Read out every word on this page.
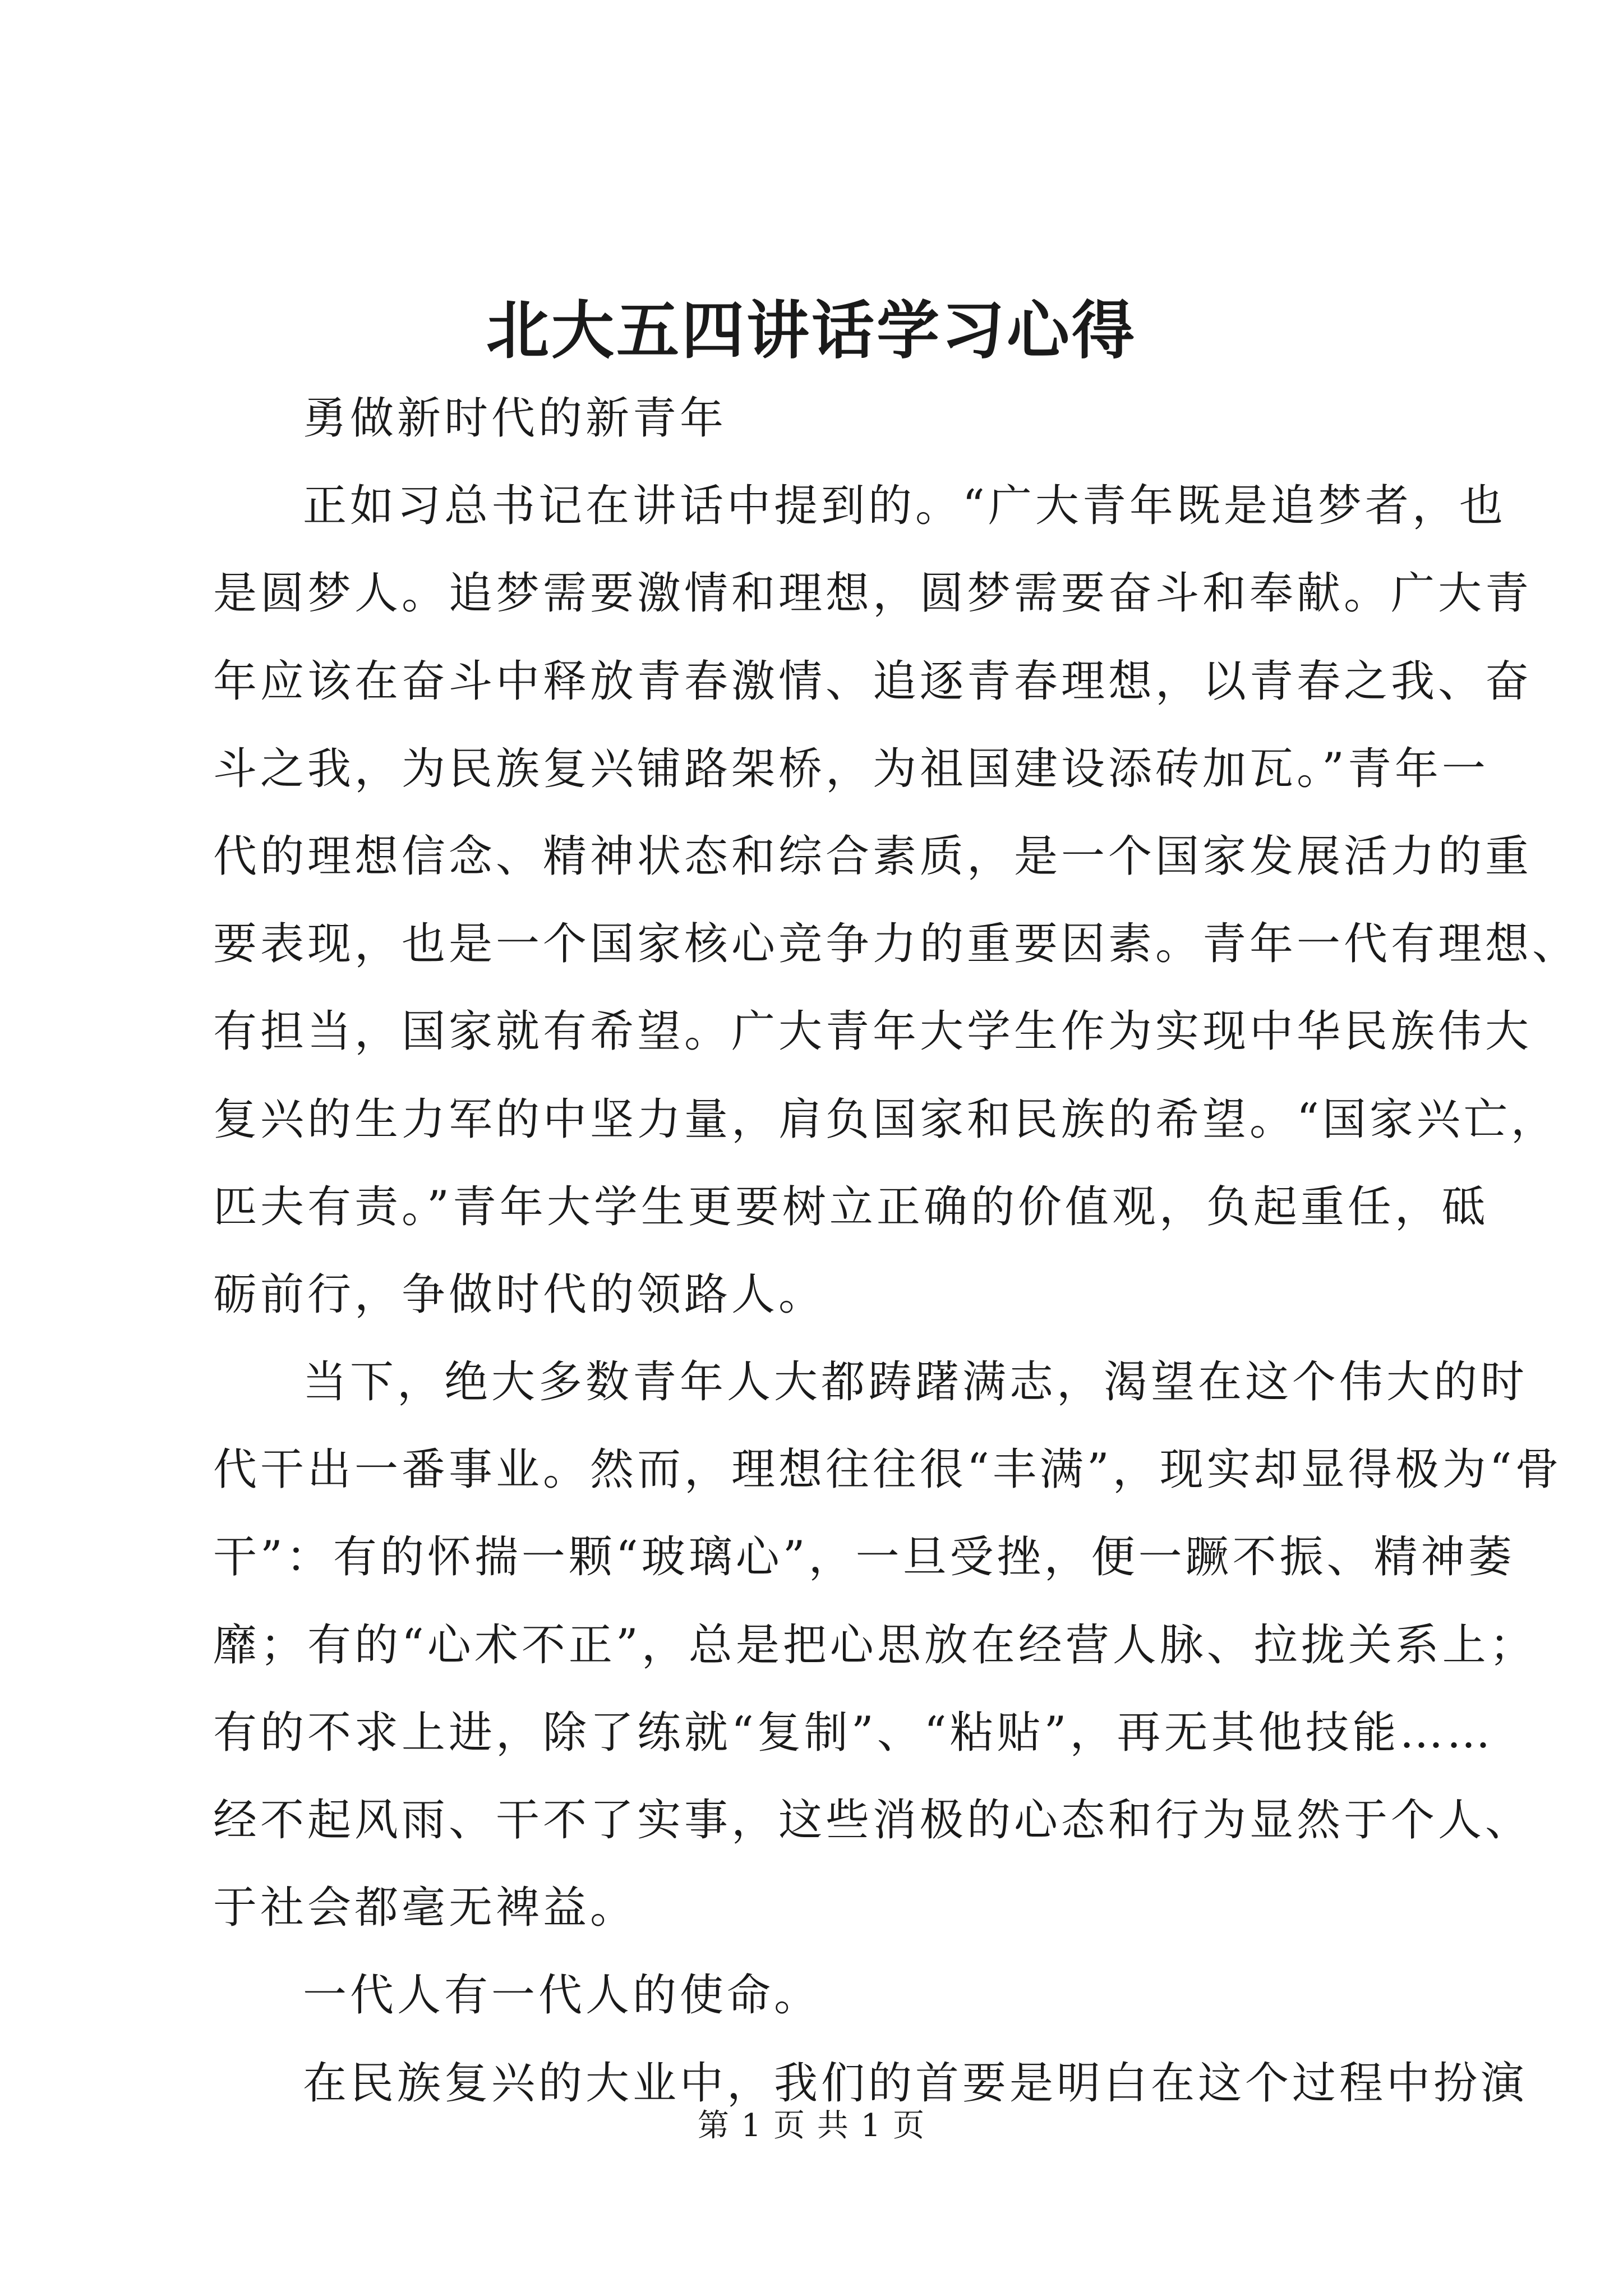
北大五四讲话学习心得
勇做新时代的新青年
正如习总书记在讲话中提到的。“广大青年既是追梦者，也
是圆梦人。追梦需要激情和理想，圆梦需要奋斗和奉献。广大青
年应该在奋斗中释放青春激情、追逐青春理想，以青春之我、奋
斗之我，为民族复兴铺路架桥，为祖国建设添砖加瓦。”青年一
代的理想信念、精神状态和综合素质，是一个国家发展活力的重
要表现，也是一个国家核心竞争力的重要因素。青年一代有理想、
有担当，国家就有希望。广大青年大学生作为实现中华民族伟大
复兴的生力军的中坚力量，肩负国家和民族的希望。“国家兴亡，
匹夫有责。”青年大学生更要树立正确的价值观，负起重任，砥
砺前行，争做时代的领路人。
当下，绝大多数青年人大都踌躇满志，渴望在这个伟大的时
代干出一番事业。然而，理想往往很“丰满”，现实却显得极为“骨
干”：有的怀揣一颗“玻璃心”，一旦受挫，便一蹶不振、精神萎
靡；有的“心术不正”，总是把心思放在经营人脉、拉拢关系上；
有的不求上进，除了练就“复制”、“粘贴”，再无其他技能……
经不起风雨、干不了实事，这些消极的心态和行为显然于个人、
于社会都毫无裨益。
一代人有一代人的使命。
在民族复兴的大业中，我们的首要是明白在这个过程中扮演
第 1 页 共 1 页
